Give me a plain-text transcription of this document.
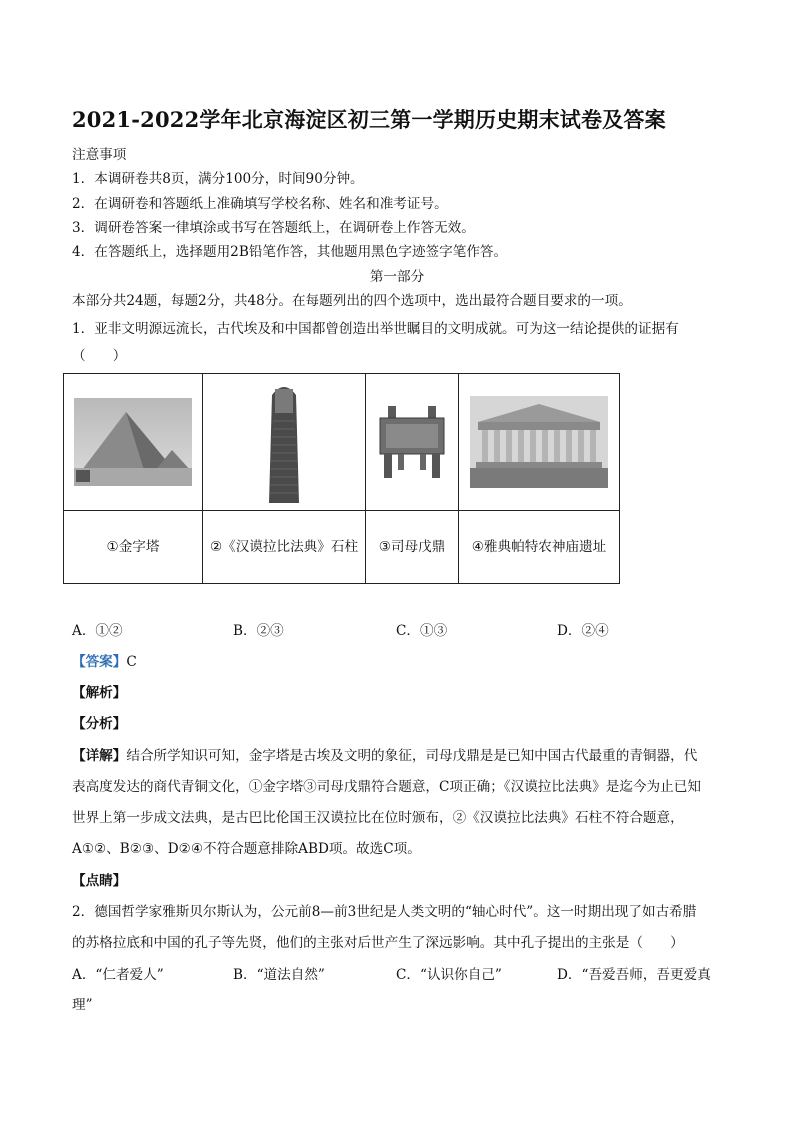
2021-2022学年北京海淀区初三第一学期历史期末试卷及答案
注意事项
1．本调研卷共8页，满分100分，时间90分钟。
2．在调研卷和答题纸上准确填写学校名称、姓名和准考证号。
3．调研卷答案一律填涂或书写在答题纸上，在调研卷上作答无效。
4．在答题纸上，选择题用2B铅笔作答，其他题用黑色字迹签字笔作答。
第一部分
本部分共24题，每题2分，共48分。在每题列出的四个选项中，选出最符合题目要求的一项。
1．亚非文明源远流长，古代埃及和中国都曾创造出举世瞩目的文明成就。可为这一结论提供的证据有
（　　）

①金字塔	②《汉谟拉比法典》石柱	③司母戊鼎	④雅典帕特农神庙遗址
A．①②	B．②③	C．①③	D．②④
【答案】C
【解析】
【分析】
【详解】结合所学知识可知，金字塔是古埃及文明的象征，司母戊鼎是是已知中国古代最重的青铜器，代
表高度发达的商代青铜文化，①金字塔③司母戊鼎符合题意，C项正确；《汉谟拉比法典》是迄今为止已知
世界上第一步成文法典，是古巴比伦国王汉谟拉比在位时颁布，②《汉谟拉比法典》石柱不符合题意，
A①②、B②③、D②④不符合题意排除ABD项。故选C项。
【点睛】
2．德国哲学家雅斯贝尔斯认为，公元前8—前3世纪是人类文明的“轴心时代”。这一时期出现了如古希腊
的苏格拉底和中国的孔子等先贤，他们的主张对后世产生了深远影响。其中孔子提出的主张是（　　）
A．“仁者爱人”	B．“道法自然”	C．“认识你自己”	D．“吾爱吾师，吾更爱真
理”
